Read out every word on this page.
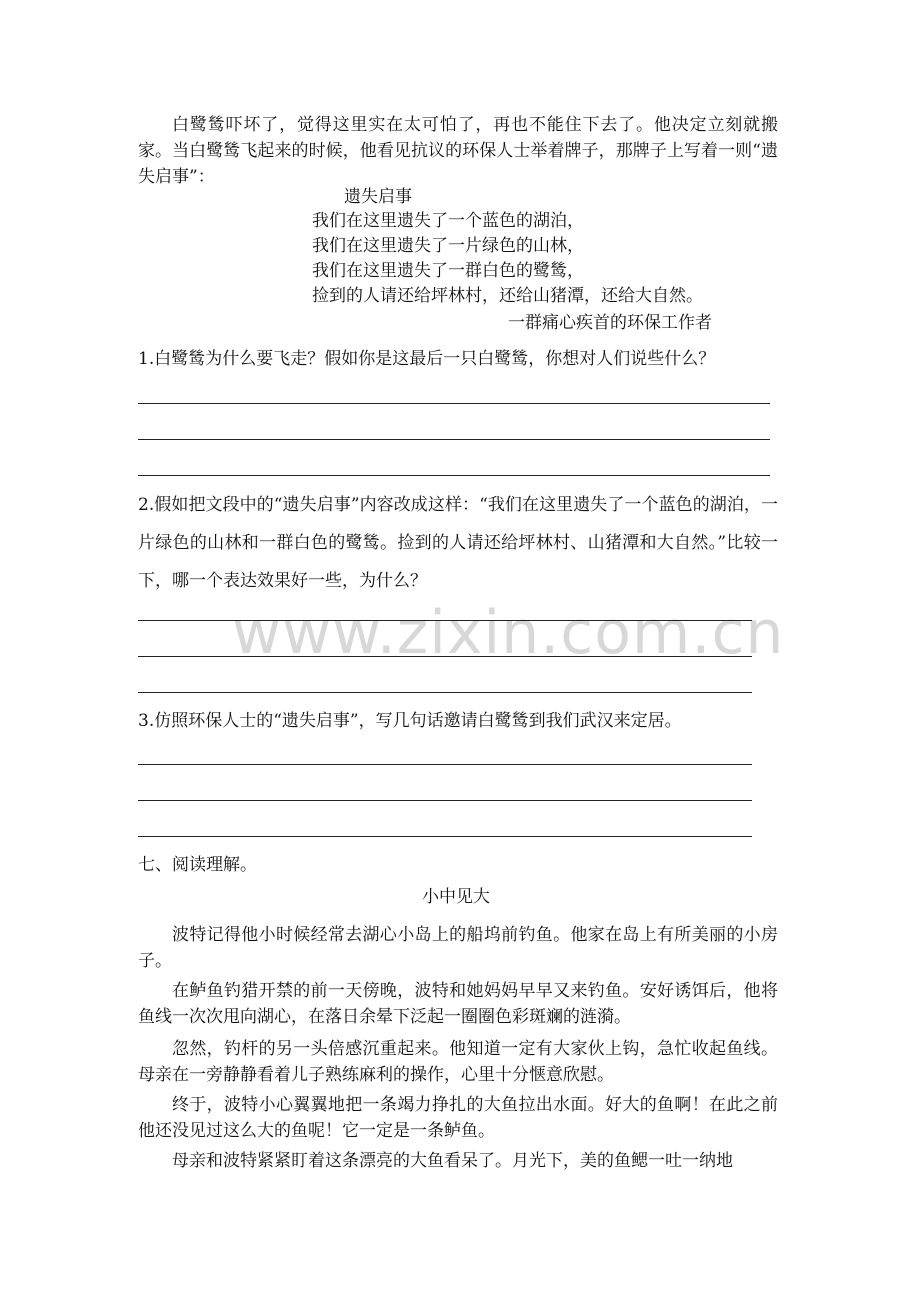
www.zixin.com.cn
白鹭鸶吓坏了，觉得这里实在太可怕了，再也不能住下去了。他决定立刻就搬家。当白鹭鸶飞起来的时候，他看见抗议的环保人士举着牌子，那牌子上写着一则“遗失启事”：
遗失启事
我们在这里遗失了一个蓝色的湖泊，
我们在这里遗失了一片绿色的山林，
我们在这里遗失了一群白色的鹭鸶，
捡到的人请还给坪林村，还给山猪潭，还给大自然。
一群痛心疾首的环保工作者
1.白鹭鸶为什么要飞走？假如你是这最后一只白鹭鸶，你想对人们说些什么？
2.假如把文段中的“遗失启事”内容改成这样：“我们在这里遗失了一个蓝色的湖泊，一片绿色的山林和一群白色的鹭鸶。捡到的人请还给坪林村、山猪潭和大自然。”比较一下，哪一个表达效果好一些，为什么？
3.仿照环保人士的“遗失启事”，写几句话邀请白鹭鸶到我们武汉来定居。
七、阅读理解。
小中见大
波特记得他小时候经常去湖心小岛上的船坞前钓鱼。他家在岛上有所美丽的小房子。
在鲈鱼钓猎开禁的前一天傍晚，波特和她妈妈早早又来钓鱼。安好诱饵后，他将鱼线一次次甩向湖心，在落日余晕下泛起一圈圈色彩斑斓的涟漪。
忽然，钓杆的另一头倍感沉重起来。他知道一定有大家伙上钩，急忙收起鱼线。母亲在一旁静静看着儿子熟练麻利的操作，心里十分惬意欣慰。
终于，波特小心翼翼地把一条竭力挣扎的大鱼拉出水面。好大的鱼啊！在此之前他还没见过这么大的鱼呢！它一定是一条鲈鱼。
母亲和波特紧紧盯着这条漂亮的大鱼看呆了。月光下，美的鱼鳃一吐一纳地
